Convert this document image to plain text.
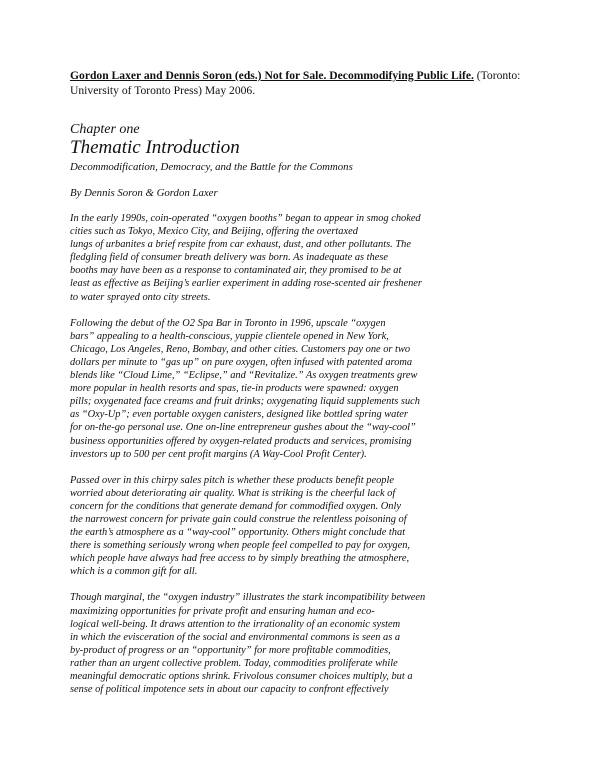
Gordon Laxer and Dennis Soron (eds.) Not for Sale. Decommodifying Public Life. (Toronto: University of Toronto Press) May 2006.

Chapter one

Thematic Introduction

Decommodification, Democracy, and the Battle for the Commons

By Dennis Soron & Gordon Laxer

In the early 1990s, coin-operated “oxygen booths” began to appear in smog choked
cities such as Tokyo, Mexico City, and Beijing, offering the overtaxed
lungs of urbanites a brief respite from car exhaust, dust, and other pollutants. The
fledgling field of consumer breath delivery was born. As inadequate as these
booths may have been as a response to contaminated air, they promised to be at
least as effective as Beijing’s earlier experiment in adding rose-scented air freshener
to water sprayed onto city streets.

Following the debut of the O2 Spa Bar in Toronto in 1996, upscale “oxygen
bars” appealing to a health-conscious, yuppie clientele opened in New York,
Chicago, Los Angeles, Reno, Bombay, and other cities. Customers pay one or two
dollars per minute to “gas up” on pure oxygen, often infused with patented aroma
blends like “Cloud Lime,” “Eclipse,” and “Revitalize.” As oxygen treatments grew
more popular in health resorts and spas, tie-in products were spawned: oxygen
pills; oxygenated face creams and fruit drinks; oxygenating liquid supplements such
as “Oxy-Up”; even portable oxygen canisters, designed like bottled spring water
for on-the-go personal use. One on-line entrepreneur gushes about the “way-cool”
business opportunities offered by oxygen-related products and services, promising
investors up to 500 per cent profit margins (A Way-Cool Profit Center).

Passed over in this chirpy sales pitch is whether these products benefit people
worried about deteriorating air quality. What is striking is the cheerful lack of
concern for the conditions that generate demand for commodified oxygen. Only
the narrowest concern for private gain could construe the relentless poisoning of
the earth’s atmosphere as a “way-cool” opportunity. Others might conclude that
there is something seriously wrong when people feel compelled to pay for oxygen,
which people have always had free access to by simply breathing the atmosphere,
which is a common gift for all.

Though marginal, the “oxygen industry” illustrates the stark incompatibility between
maximizing opportunities for private profit and ensuring human and eco-
logical well-being. It draws attention to the irrationality of an economic system
in which the evisceration of the social and environmental commons is seen as a
by-product of progress or an “opportunity” for more profitable commodities,
rather than an urgent collective problem. Today, commodities proliferate while
meaningful democratic options shrink. Frivolous consumer choices multiply, but a
sense of political impotence sets in about our capacity to confront effectively
